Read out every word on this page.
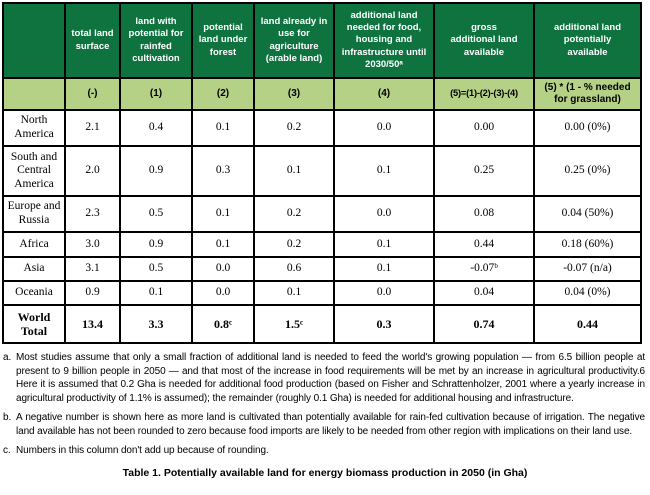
	total land surface	land with potential for rainfed cultivation	potential land under forest	land already in use for agriculture (arable land)	additional land needed for food, housing and infrastructure until 2030/50ᵃ	gross additional land available	additional land potentially available
	(-)	(1)	(2)	(3)	(4)	(5)=(1)-(2)-(3)-(4)	(5) * (1 - % needed for grassland)
North America	2.1	0.4	0.1	0.2	0.0	0.00	0.00 (0%)
South and Central America	2.0	0.9	0.3	0.1	0.1	0.25	0.25 (0%)
Europe and Russia	2.3	0.5	0.1	0.2	0.0	0.08	0.04 (50%)
Africa	3.0	0.9	0.1	0.2	0.1	0.44	0.18 (60%)
Asia	3.1	0.5	0.0	0.6	0.1	-0.07ᵇ	-0.07 (n/a)
Oceania	0.9	0.1	0.0	0.1	0.0	0.04	0.04 (0%)
World Total	13.4	3.3	0.8ᶜ	1.5ᶜ	0.3	0.74	0.44
a. Most studies assume that only a small fraction of additional land is needed to feed the world's growing population — from 6.5 billion people at present to 9 billion people in 2050 — and that most of the increase in food requirements will be met by an increase in agricultural productivity.6 Here it is assumed that 0.2 Gha is needed for additional food production (based on Fisher and Schrattenholzer, 2001 where a yearly increase in agricultural productivity of 1.1% is assumed); the remainder (roughly 0.1 Gha) is needed for additional housing and infrastructure.
b. A negative number is shown here as more land is cultivated than potentially available for rain-fed cultivation because of irrigation. The negative land available has not been rounded to zero because food imports are likely to be needed from other region with implications on their land use.
c. Numbers in this column don't add up because of rounding.
Table 1. Potentially available land for energy biomass production in 2050 (in Gha)
